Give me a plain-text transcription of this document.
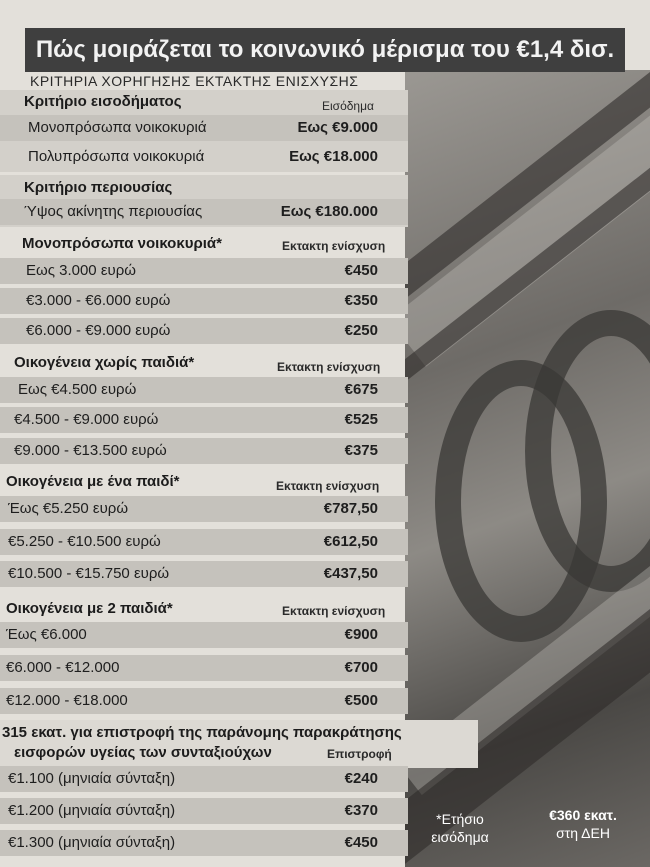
Πώς μοιράζεται το κοινωνικό μέρισμα του €1,4 δισ.
ΚΡΙΤΗΡΙΑ ΧΟΡΗΓΗΣΗΣ ΕΚΤΑΚΤΗΣ ΕΝΙΣΧΥΣΗΣ
Κριτήριο εισοδήματος	Εισόδημα
Μονοπρόσωπα νοικοκυριά	Εως €9.000
Πολυπρόσωπα νοικοκυριά	Εως €18.000
Κριτήριο περιουσίας
Ύψος ακίνητης περιουσίας	Εως €180.000
Μονοπρόσωπα νοικοκυριά*	Εκτακτη ενίσχυση
Εως 3.000 ευρώ	€450
€3.000 - €6.000 ευρώ	€350
€6.000 - €9.000 ευρώ	€250
Οικογένεια χωρίς παιδιά*	Εκτακτη ενίσχυση
Εως €4.500 ευρώ	€675
€4.500 - €9.000 ευρώ	€525
€9.000 - €13.500 ευρώ	€375
Οικογένεια με ένα παιδί*	Εκτακτη ενίσχυση
Έως €5.250 ευρώ	€787,50
€5.250 - €10.500 ευρώ	€612,50
€10.500 - €15.750 ευρώ	€437,50
Οικογένεια με 2 παιδιά*	Εκτακτη ενίσχυση
Έως €6.000	€900
€6.000 - €12.000	€700
€12.000 - €18.000	€500
315 εκατ. για επιστροφή της παράνομης παρακράτησης
εισφορών υγείας των συνταξιούχων	Επιστροφή
€1.100 (μηνιαία σύνταξη)	€240
€1.200 (μηνιαία σύνταξη)	€370
€1.300 (μηνιαία σύνταξη)	€450
*Ετήσιο
εισόδημα
€360 εκατ.
στη ΔΕΗ
